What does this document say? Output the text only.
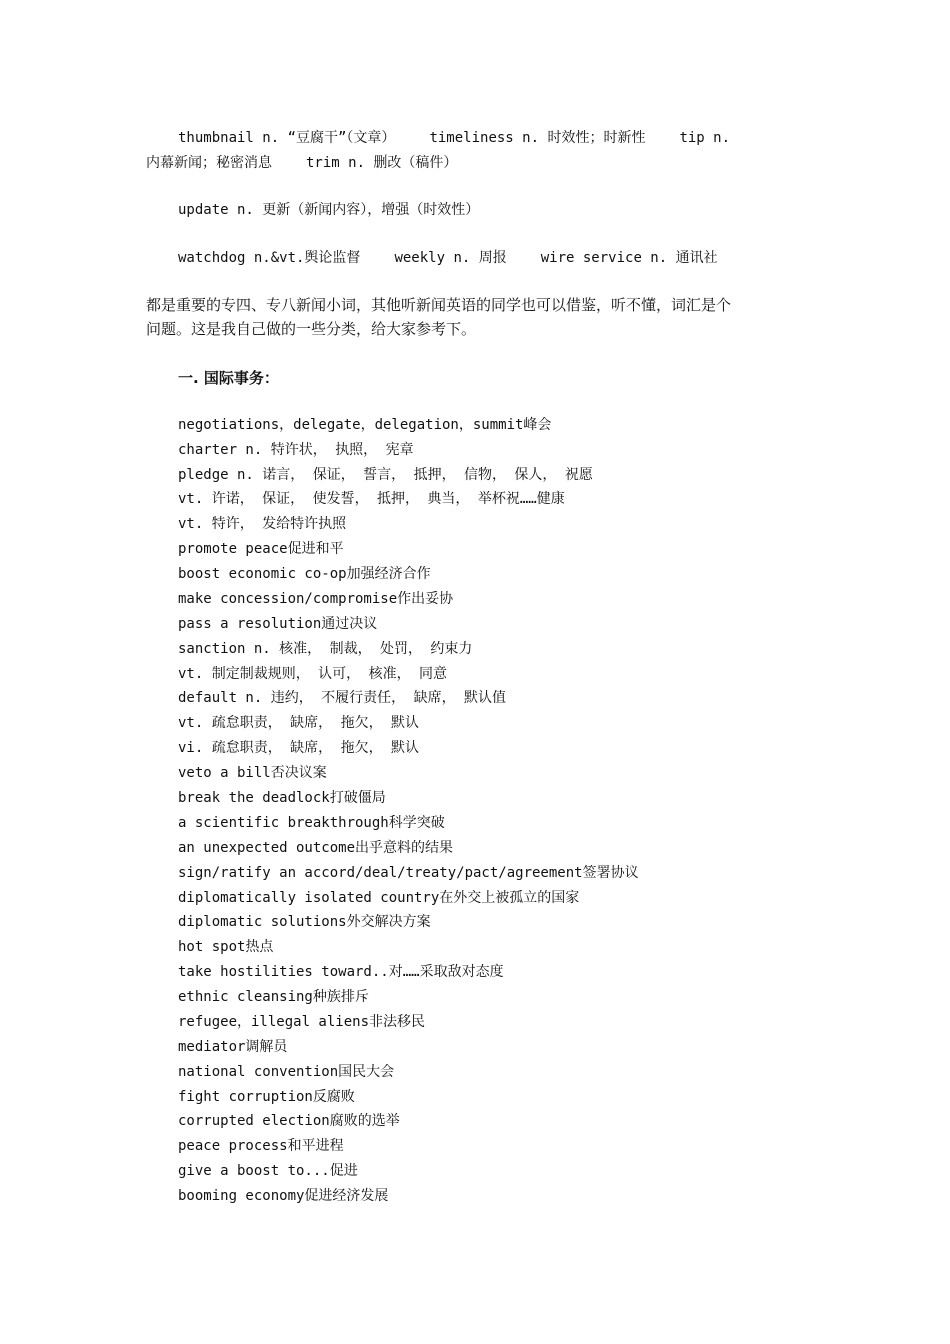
thumbnail n. “豆腐干”（文章） timeliness n. 时效性；时新性 tip n.
内幕新闻；秘密消息 trim n. 删改（稿件）
update n. 更新（新闻内容），增强（时效性）
watchdog n.&vt.舆论监督 weekly n. 周报 wire service n. 通讯社
都是重要的专四、专八新闻小词，其他听新闻英语的同学也可以借鉴，听不懂，词汇是个
问题。这是我自己做的一些分类，给大家参考下。
一. 国际事务：
negotiations，delegate，delegation，summit峰会
charter n. 特许状， 执照， 宪章
pledge n. 诺言， 保证， 誓言， 抵押， 信物， 保人， 祝愿
vt. 许诺， 保证， 使发誓， 抵押， 典当， 举杯祝……健康
vt. 特许， 发给特许执照
promote peace促进和平
boost economic co-op加强经济合作
make concession/compromise作出妥协
pass a resolution通过决议
sanction n. 核准， 制裁， 处罚， 约束力
vt. 制定制裁规则， 认可， 核准， 同意
default n. 违约， 不履行责任， 缺席， 默认值
vt. 疏怠职责， 缺席， 拖欠， 默认
vi. 疏怠职责， 缺席， 拖欠， 默认
veto a bill否决议案
break the deadlock打破僵局
a scientific breakthrough科学突破
an unexpected outcome出乎意料的结果
sign/ratify an accord/deal/treaty/pact/agreement签署协议
diplomatically isolated country在外交上被孤立的国家
diplomatic solutions外交解决方案
hot spot热点
take hostilities toward..对……采取敌对态度
ethnic cleansing种族排斥
refugee，illegal aliens非法移民
mediator调解员
national convention国民大会
fight corruption反腐败
corrupted election腐败的选举
peace process和平进程
give a boost to...促进
booming economy促进经济发展
